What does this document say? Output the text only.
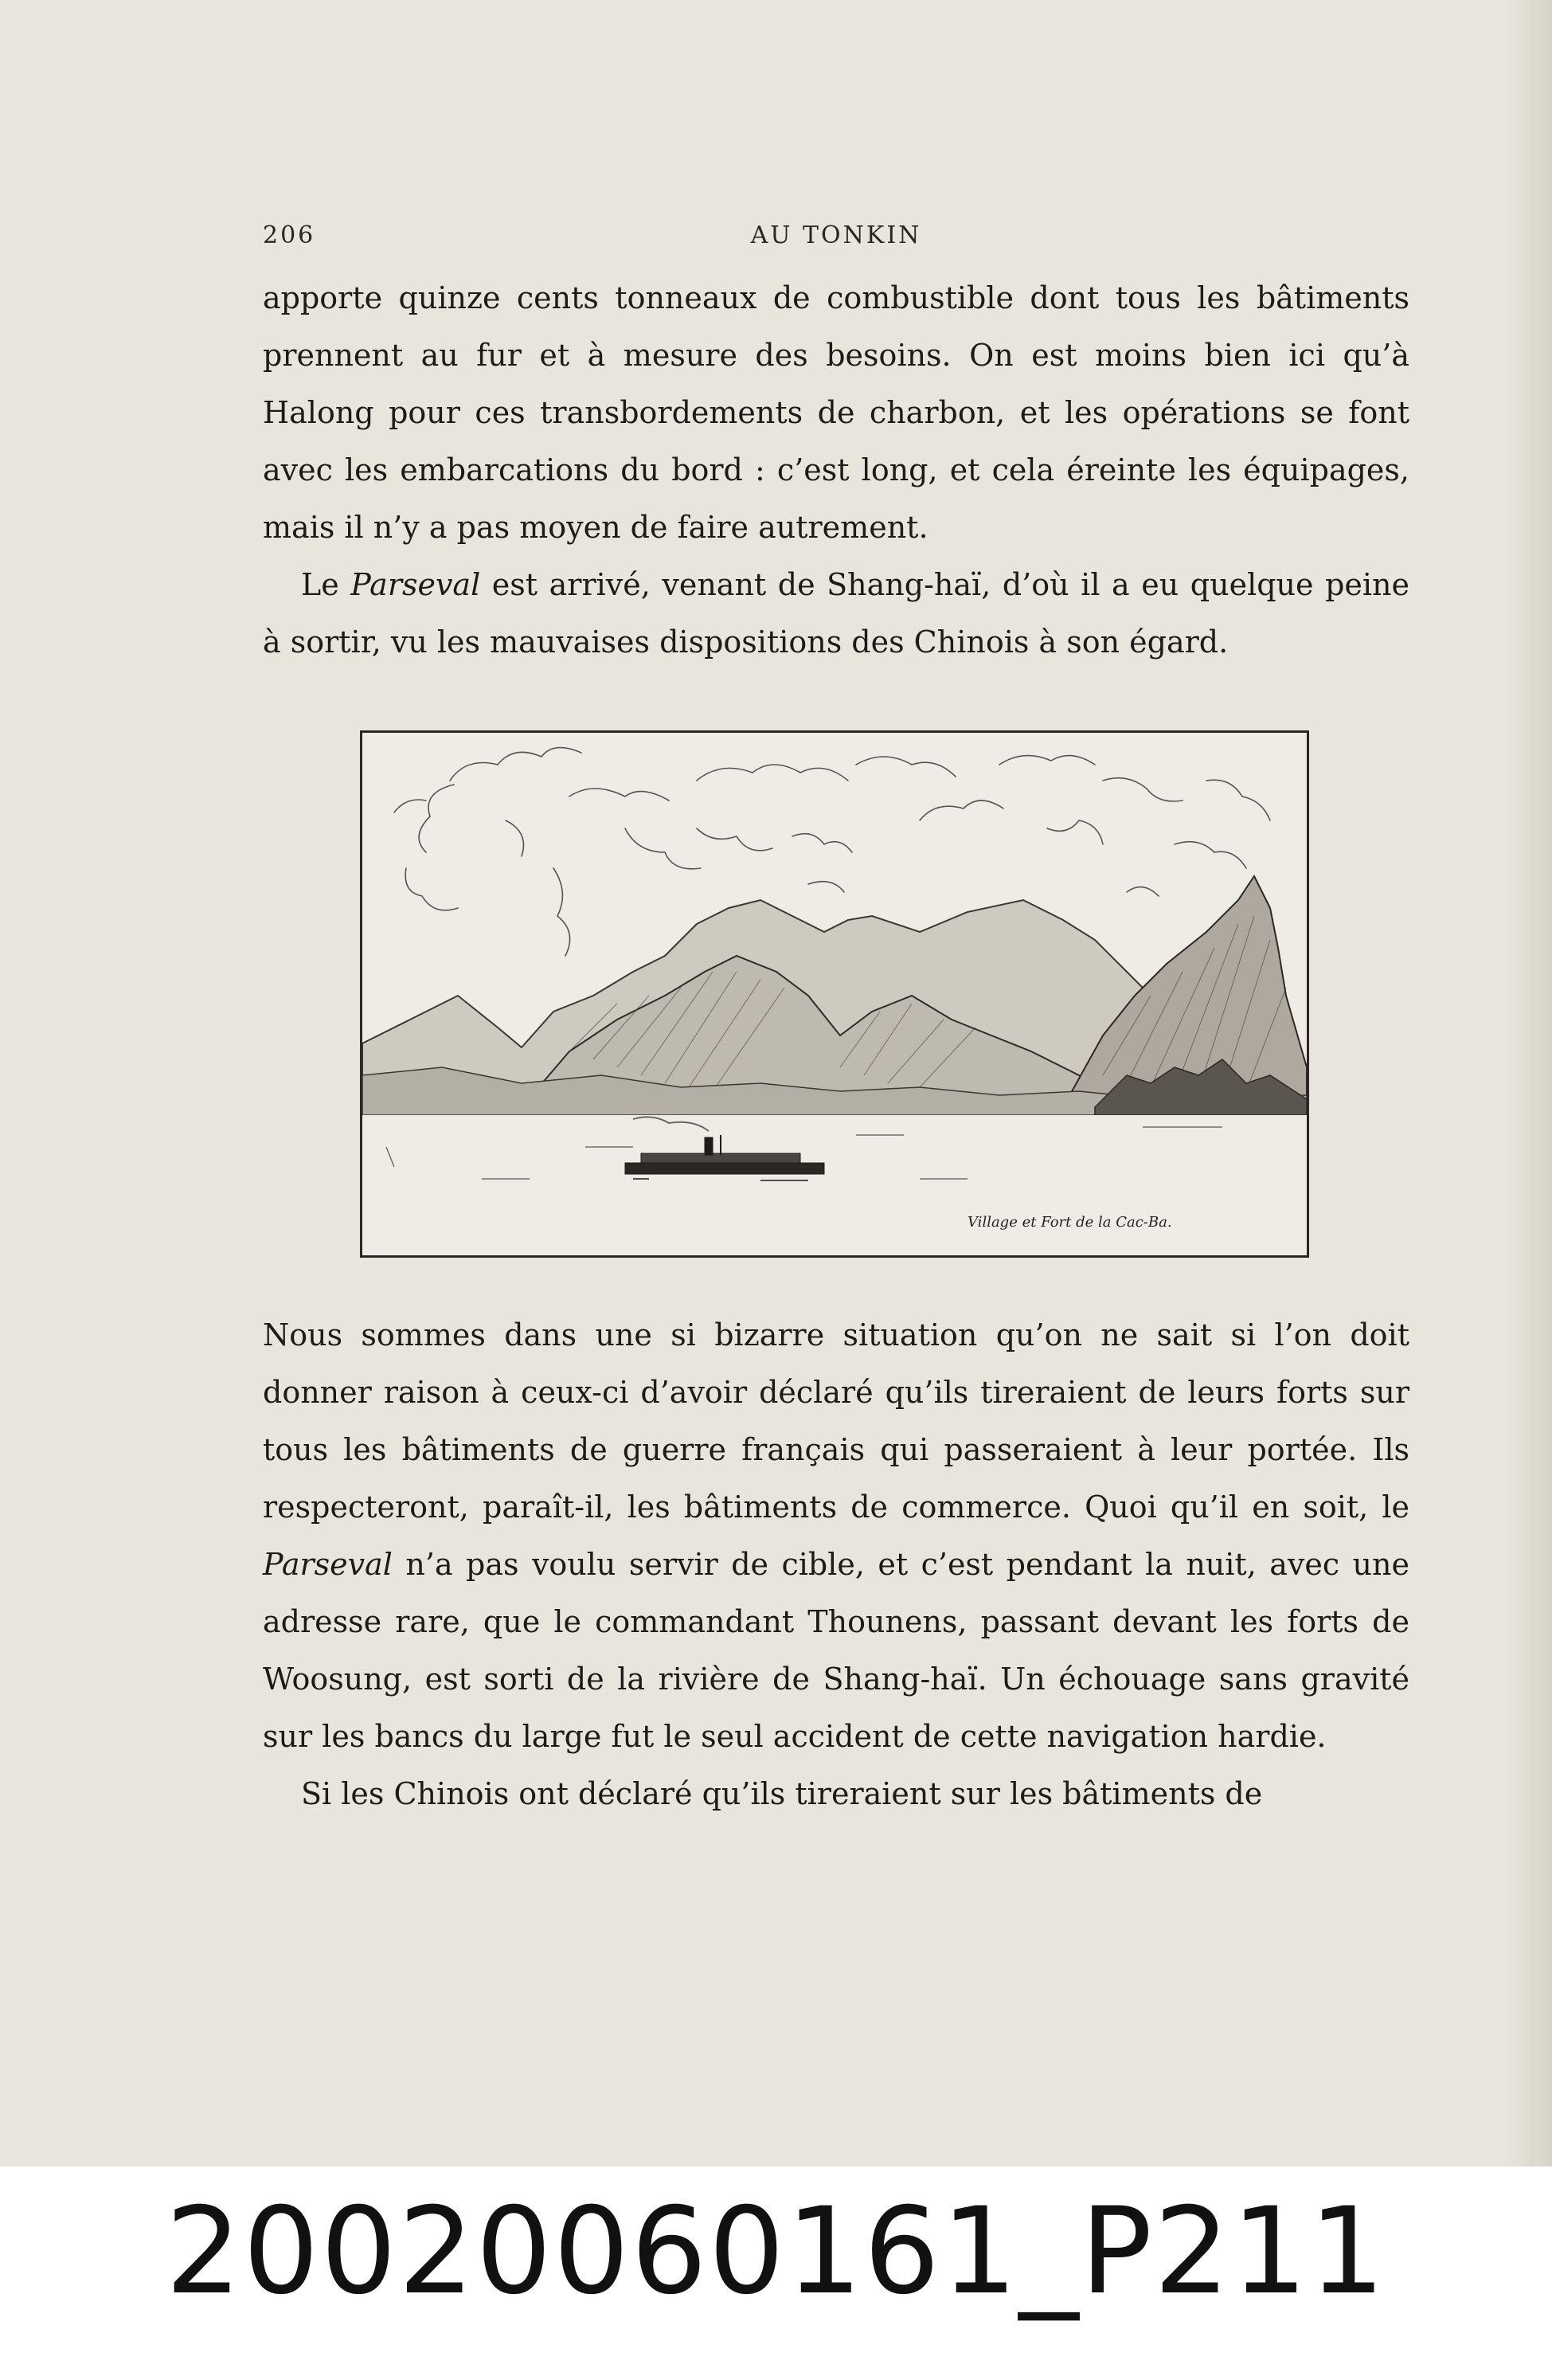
206	AU TONKIN

apporte quinze cents tonneaux de combustible dont tous les bâtiments prennent au fur et à mesure des besoins. On est moins bien ici qu’à Halong pour ces transbordements de charbon, et les opérations se font avec les embarcations du bord : c’est long, et cela éreinte les équipages, mais il n’y a pas moyen de faire autrement.

Le Parseval est arrivé, venant de Shang-haï, d’où il a eu quelque peine à sortir, vu les mauvaises dispositions des Chinois à son égard.

Village et Fort de la Cac-Ba.

Nous sommes dans une si bizarre situation qu’on ne sait si l’on doit donner raison à ceux-ci d’avoir déclaré qu’ils tireraient de leurs forts sur tous les bâtiments de guerre français qui passeraient à leur portée. Ils respecteront, paraît-il, les bâtiments de commerce. Quoi qu’il en soit, le Parseval n’a pas voulu servir de cible, et c’est pendant la nuit, avec une adresse rare, que le commandant Thounens, passant devant les forts de Woosung, est sorti de la rivière de Shang-haï. Un échouage sans gravité sur les bancs du large fut le seul accident de cette navigation hardie.

Si les Chinois ont déclaré qu’ils tireraient sur les bâtiments de

20020060161_P211
